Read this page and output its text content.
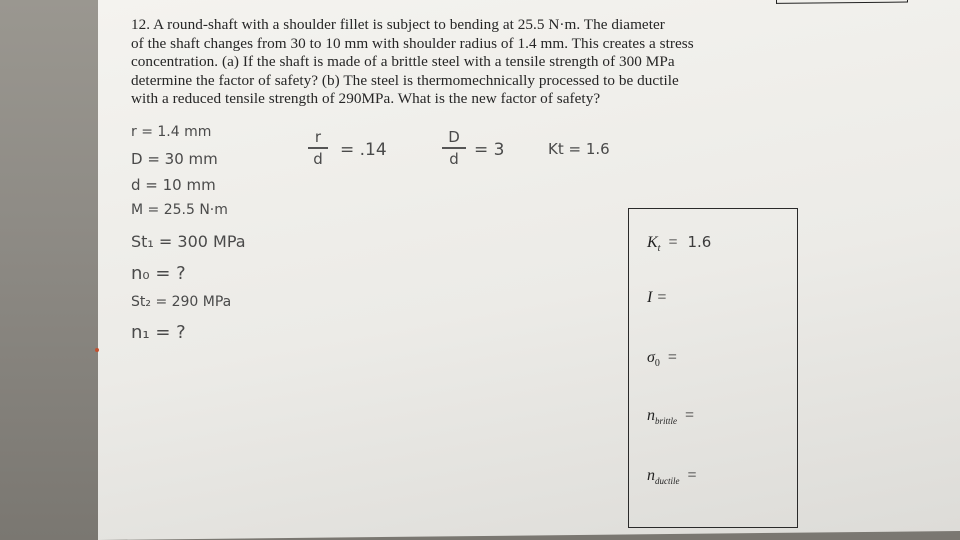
12. A round-shaft with a shoulder fillet is subject to bending at 25.5 N·m. The diameter

of the shaft changes from 30 to 10 mm with shoulder radius of 1.4 mm. This creates a stress

concentration. (a) If the shaft is made of a brittle steel with a tensile strength of 300 MPa

determine the factor of safety? (b) The steel is thermomechnically processed to be ductile

with a reduced tensile strength of 290MPa. What is the new factor of safety?

r = 1.4 mm
D = 30 mm
d = 10 mm
M = 25.5 N·m
St₁ = 300 MPa
n₀ = ?
St₂ = 290 MPa
n₁ = ?
r
d	= .14
D
d = 3	Kt = 1.6
$K_t = 1.6$
I =
$\sigma_0$ =
$n_{brittle}$ =
$n_{ductile}$ =
